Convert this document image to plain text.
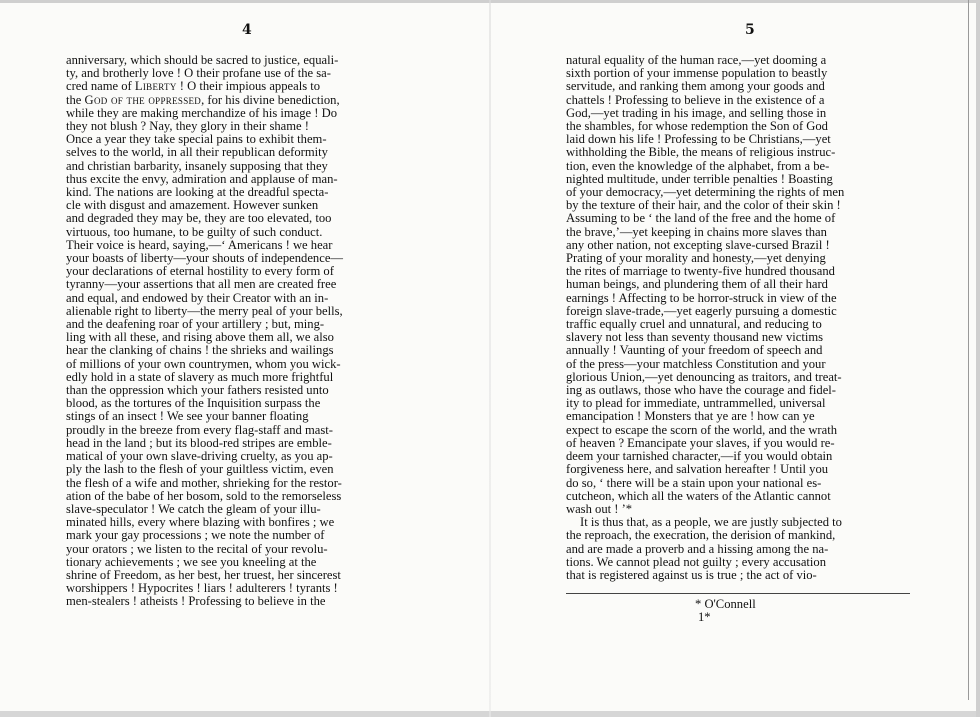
4

anniversary, which should be sacred to justice, equali-

ty, and brotherly love ! O their profane use of the sa-

cred name of Liberty ! O their impious appeals to

the God of the oppressed, for his divine benediction,

while they are making merchandize of his image ! Do

they not blush ? Nay, they glory in their shame !

Once a year they take special pains to exhibit them-

selves to the world, in all their republican deformity

and christian barbarity, insanely supposing that they

thus excite the envy, admiration and applause of man-

kind. The nations are looking at the dreadful specta-

cle with disgust and amazement. However sunken

and degraded they may be, they are too elevated, too

virtuous, too humane, to be guilty of such conduct.

Their voice is heard, saying,—‘ Americans ! we hear

your boasts of liberty—your shouts of independence—

your declarations of eternal hostility to every form of

tyranny—your assertions that all men are created free

and equal, and endowed by their Creator with an in-

alienable right to liberty—the merry peal of your bells,

and the deafening roar of your artillery ; but, ming-

ling with all these, and rising above them all, we also

hear the clanking of chains ! the shrieks and wailings

of millions of your own countrymen, whom you wick-

edly hold in a state of slavery as much more frightful

than the oppression which your fathers resisted unto

blood, as the tortures of the Inquisition surpass the

stings of an insect ! We see your banner floating

proudly in the breeze from every flag-staff and mast-

head in the land ; but its blood-red stripes are emble-

matical of your own slave-driving cruelty, as you ap-

ply the lash to the flesh of your guiltless victim, even

the flesh of a wife and mother, shrieking for the restor-

ation of the babe of her bosom, sold to the remorseless

slave-speculator ! We catch the gleam of your illu-

minated hills, every where blazing with bonfires ; we

mark your gay processions ; we note the number of

your orators ; we listen to the recital of your revolu-

tionary achievements ; we see you kneeling at the

shrine of Freedom, as her best, her truest, her sincerest

worshippers ! Hypocrites ! liars ! adulterers ! tyrants !

men-stealers ! atheists ! Professing to believe in the

5

natural equality of the human race,—yet dooming a

sixth portion of your immense population to beastly

servitude, and ranking them among your goods and

chattels ! Professing to believe in the existence of a

God,—yet trading in his image, and selling those in

the shambles, for whose redemption the Son of God

laid down his life ! Professing to be Christians,—yet

withholding the Bible, the means of religious instruc-

tion, even the knowledge of the alphabet, from a be-

nighted multitude, under terrible penalties ! Boasting

of your democracy,—yet determining the rights of men

by the texture of their hair, and the color of their skin !

Assuming to be ‘ the land of the free and the home of

the brave,’—yet keeping in chains more slaves than

any other nation, not excepting slave-cursed Brazil !

Prating of your morality and honesty,—yet denying

the rites of marriage to twenty-five hundred thousand

human beings, and plundering them of all their hard

earnings ! Affecting to be horror-struck in view of the

foreign slave-trade,—yet eagerly pursuing a domestic

traffic equally cruel and unnatural, and reducing to

slavery not less than seventy thousand new victims

annually ! Vaunting of your freedom of speech and

of the press—your matchless Constitution and your

glorious Union,—yet denouncing as traitors, and treat-

ing as outlaws, those who have the courage and fidel-

ity to plead for immediate, untrammelled, universal

emancipation ! Monsters that ye are ! how can ye

expect to escape the scorn of the world, and the wrath

of heaven ? Emancipate your slaves, if you would re-

deem your tarnished character,—if you would obtain

forgiveness here, and salvation hereafter ! Until you

do so, ‘ there will be a stain upon your national es-

cutcheon, which all the waters of the Atlantic cannot

wash out ! ’*

It is thus that, as a people, we are justly subjected to

the reproach, the execration, the derision of mankind,

and are made a proverb and a hissing among the na-

tions. We cannot plead not guilty ; every accusation

that is registered against us is true ; the act of vio-

* O'Connell
1*
